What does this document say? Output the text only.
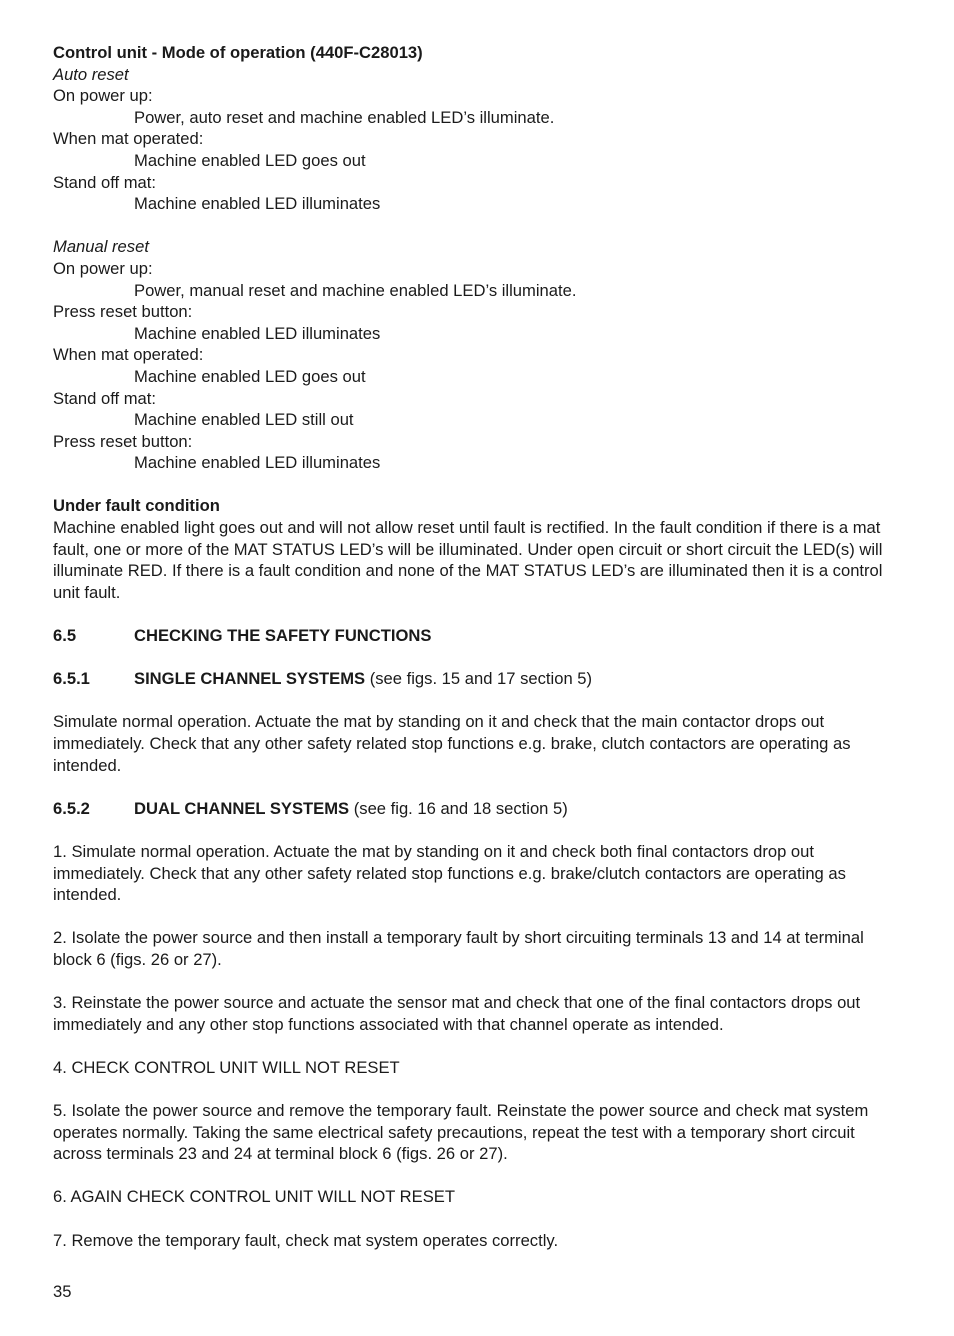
Control unit - Mode of operation (440F-C28013)
Auto reset
On power up:
Power, auto reset and machine enabled LED’s illuminate.
When mat operated:
Machine enabled LED goes out
Stand off mat:
Machine enabled LED illuminates
Manual reset
On power up:
Power, manual reset and machine enabled LED’s illuminate.
Press reset button:
Machine enabled LED illuminates
When mat operated:
Machine enabled LED goes out
Stand off mat:
Machine enabled LED still out
Press reset button:
Machine enabled LED illuminates
Under fault condition

Machine enabled light goes out and will not allow reset until fault is rectified. In the fault condition if there is a mat fault, one or more of the MAT STATUS LED’s will be illuminated. Under open circuit or short circuit the LED(s) will illuminate RED. If there is a fault condition and none of the MAT STATUS LED’s are illuminated then it is a control unit fault.

6.5	CHECKING THE SAFETY FUNCTIONS
6.5.1	SINGLE CHANNEL SYSTEMS (see figs. 15 and 17 section 5)

Simulate normal operation. Actuate the mat by standing on it and check that the main contactor drops out immediately. Check that any other safety related stop functions e.g. brake, clutch contactors are operating as intended.

6.5.2	DUAL CHANNEL SYSTEMS (see fig. 16 and 18 section 5)

1. Simulate normal operation. Actuate the mat by standing on it and check both final contactors drop out immediately. Check that any other safety related stop functions e.g. brake/clutch contactors are operating as intended.

2. Isolate the power source and then install a temporary fault by short circuiting terminals 13 and 14 at terminal block 6 (figs. 26 or 27).

3. Reinstate the power source and actuate the sensor mat and check that one of the final contactors drops out immediately and any other stop functions associated with that channel operate as intended.

4. CHECK CONTROL UNIT WILL NOT RESET

5. Isolate the power source and remove the temporary fault. Reinstate the power source and check mat system operates normally. Taking the same electrical safety precautions, repeat the test with a temporary short circuit across terminals 23 and 24 at terminal block 6 (figs. 26 or 27).

6. AGAIN CHECK CONTROL UNIT WILL NOT RESET

7. Remove the temporary fault, check mat system operates correctly.

35
